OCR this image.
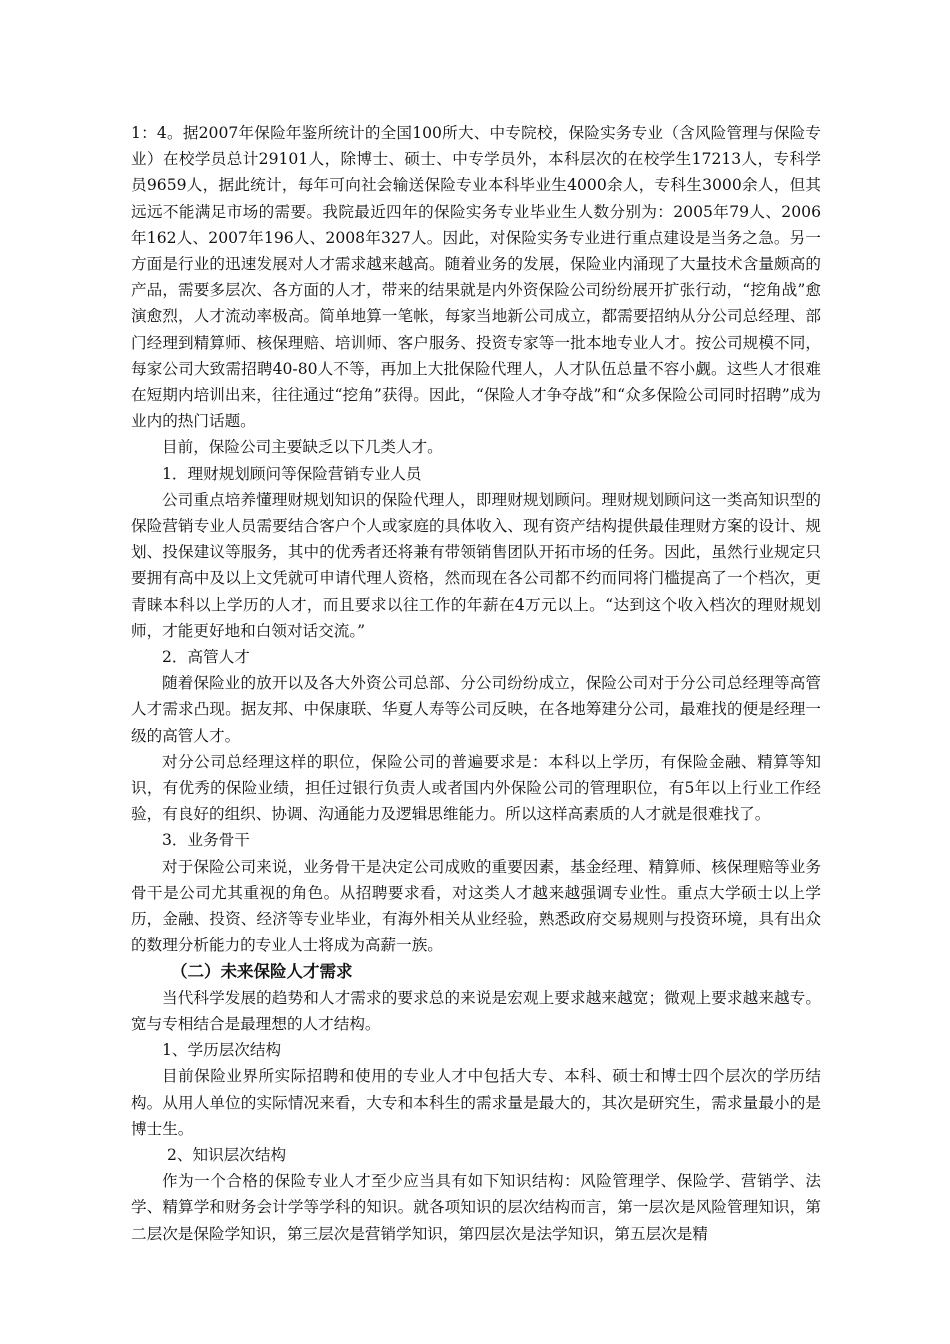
1：4。据2007年保险年鉴所统计的全国100所大、中专院校，保险实务专业（含风险管理与保险专业）在校学员总计29101人，除博士、硕士、中专学员外，本科层次的在校学生17213人，专科学员9659人，据此统计，每年可向社会输送保险专业本科毕业生4000余人，专科生3000余人，但其远远不能满足市场的需要。我院最近四年的保险实务专业毕业生人数分别为：2005年79人、2006年162人、2007年196人、2008年327人。因此，对保险实务专业进行重点建设是当务之急。另一方面是行业的迅速发展对人才需求越来越高。随着业务的发展，保险业内涌现了大量技术含量颇高的产品，需要多层次、各方面的人才，带来的结果就是内外资保险公司纷纷展开扩张行动，“挖角战”愈演愈烈，人才流动率极高。简单地算一笔帐，每家当地新公司成立，都需要招纳从分公司总经理、部门经理到精算师、核保理赔、培训师、客户服务、投资专家等一批本地专业人才。按公司规模不同，每家公司大致需招聘40-80人不等，再加上大批保险代理人，人才队伍总量不容小觑。这些人才很难在短期内培训出来，往往通过“挖角”获得。因此，“保险人才争夺战”和“众多保险公司同时招聘”成为业内的热门话题。

目前，保险公司主要缺乏以下几类人才。

1．理财规划顾问等保险营销专业人员

公司重点培养懂理财规划知识的保险代理人，即理财规划顾问。理财规划顾问这一类高知识型的保险营销专业人员需要结合客户个人或家庭的具体收入、现有资产结构提供最佳理财方案的设计、规划、投保建议等服务，其中的优秀者还将兼有带领销售团队开拓市场的任务。因此，虽然行业规定只要拥有高中及以上文凭就可申请代理人资格，然而现在各公司都不约而同将门槛提高了一个档次，更青睐本科以上学历的人才，而且要求以往工作的年薪在4万元以上。“达到这个收入档次的理财规划师，才能更好地和白领对话交流。”

2．高管人才

随着保险业的放开以及各大外资公司总部、分公司纷纷成立，保险公司对于分公司总经理等高管人才需求凸现。据友邦、中保康联、华夏人寿等公司反映，在各地筹建分公司，最难找的便是经理一级的高管人才。

对分公司总经理这样的职位，保险公司的普遍要求是：本科以上学历，有保险金融、精算等知识，有优秀的保险业绩，担任过银行负责人或者国内外保险公司的管理职位，有5年以上行业工作经验，有良好的组织、协调、沟通能力及逻辑思维能力。所以这样高素质的人才就是很难找了。

3．业务骨干

对于保险公司来说，业务骨干是决定公司成败的重要因素，基金经理、精算师、核保理赔等业务骨干是公司尤其重视的角色。从招聘要求看，对这类人才越来越强调专业性。重点大学硕士以上学历，金融、投资、经济等专业毕业，有海外相关从业经验，熟悉政府交易规则与投资环境，具有出众的数理分析能力的专业人士将成为高薪一族。

（二）未来保险人才需求

当代科学发展的趋势和人才需求的要求总的来说是宏观上要求越来越宽；微观上要求越来越专。宽与专相结合是最理想的人才结构。

1、学历层次结构

目前保险业界所实际招聘和使用的专业人才中包括大专、本科、硕士和博士四个层次的学历结构。从用人单位的实际情况来看，大专和本科生的需求量是最大的，其次是研究生，需求量最小的是博士生。

2、知识层次结构

作为一个合格的保险专业人才至少应当具有如下知识结构：风险管理学、保险学、营销学、法学、精算学和财务会计学等学科的知识。就各项知识的层次结构而言，第一层次是风险管理知识，第二层次是保险学知识，第三层次是营销学知识，第四层次是法学知识，第五层次是精
